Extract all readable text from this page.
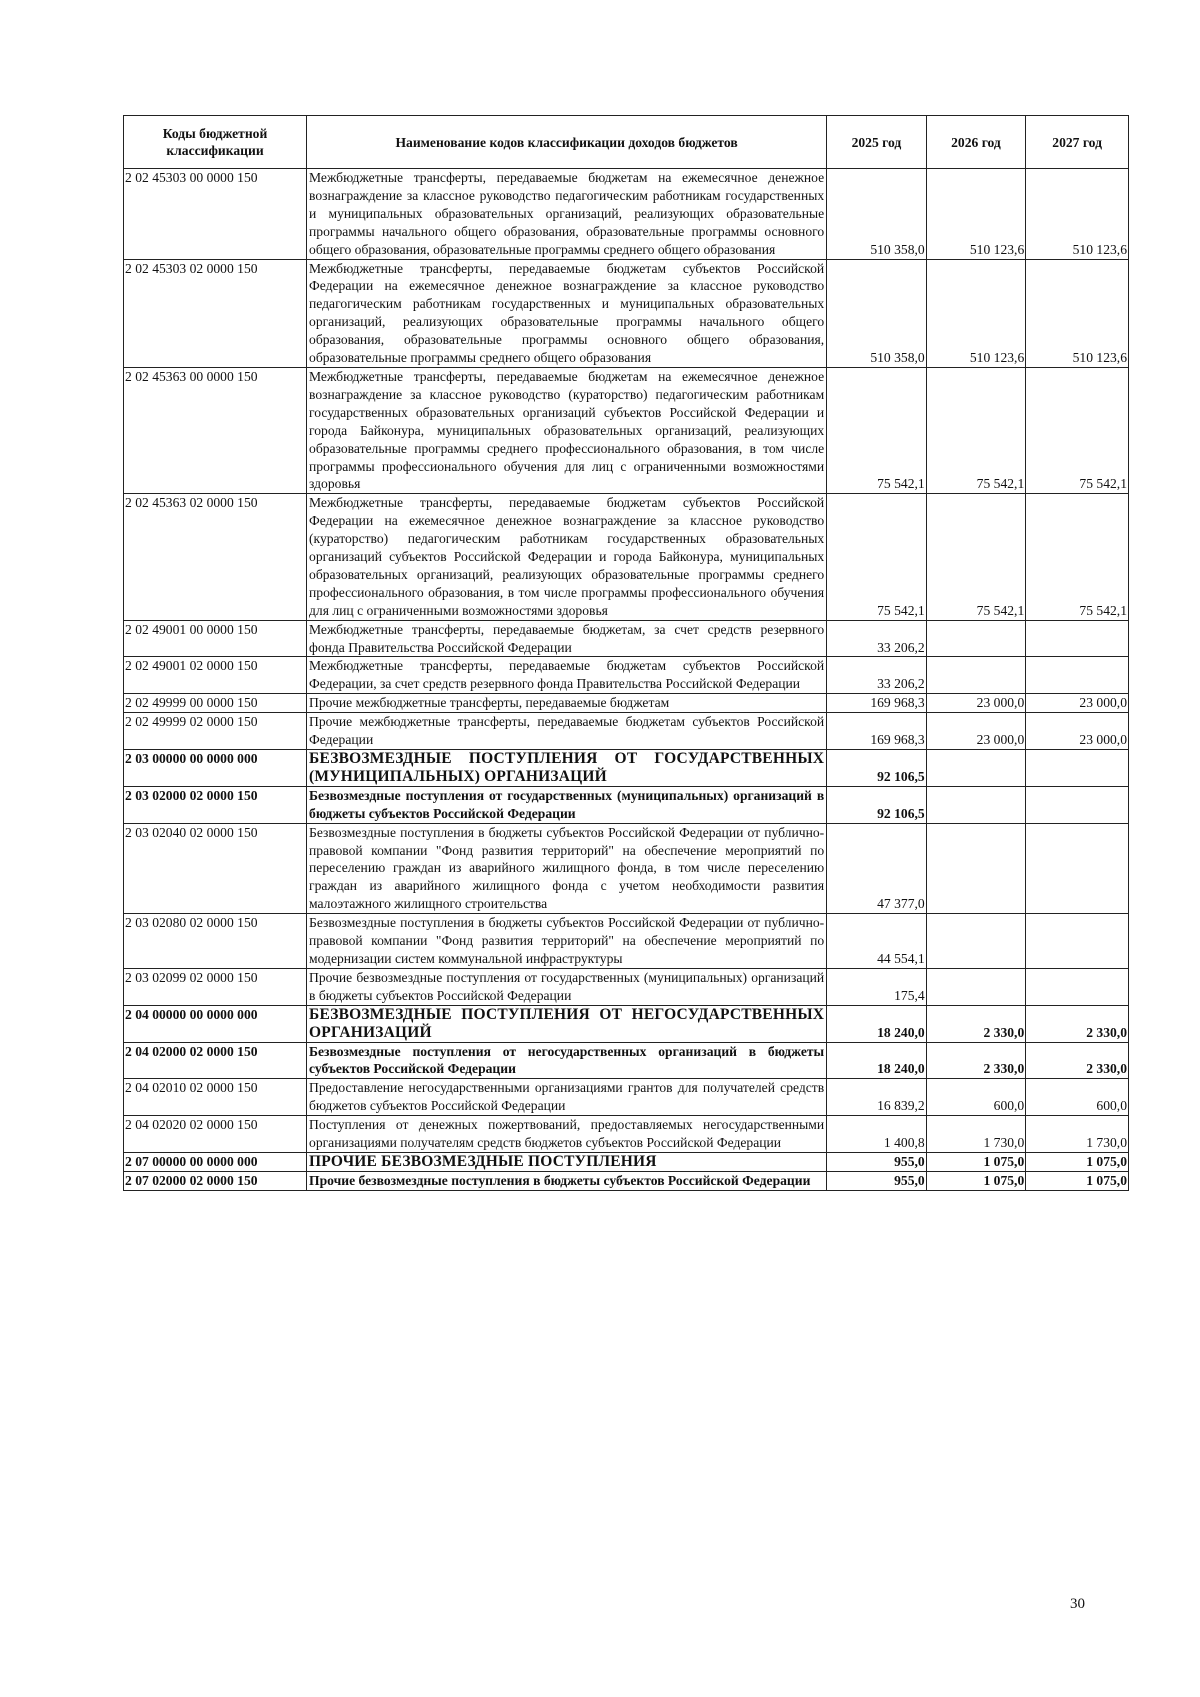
Коды бюджетной классификации	Наименование кодов классификации доходов бюджетов	2025 год	2026 год	2027 год
2 02 45303 00 0000 150	Межбюджетные трансферты, передаваемые бюджетам на ежемесячное денежное вознаграждение за классное руководство педагогическим работникам государственных и муниципальных образовательных организаций, реализующих образовательные программы начального общего образования, образовательные программы основного общего образования, образовательные программы среднего общего образования	510 358,0	510 123,6	510 123,6
2 02 45303 02 0000 150	Межбюджетные трансферты, передаваемые бюджетам субъектов Российской Федерации на ежемесячное денежное вознаграждение за классное руководство педагогическим работникам государственных и муниципальных образовательных организаций, реализующих образовательные программы начального общего образования, образовательные программы основного общего образования, образовательные программы среднего общего образования	510 358,0	510 123,6	510 123,6
2 02 45363 00 0000 150	Межбюджетные трансферты, передаваемые бюджетам на ежемесячное денежное вознаграждение за классное руководство (кураторство) педагогическим работникам государственных образовательных организаций субъектов Российской Федерации и города Байконура, муниципальных образовательных организаций, реализующих образовательные программы среднего профессионального образования, в том числе программы профессионального обучения для лиц с ограниченными возможностями здоровья	75 542,1	75 542,1	75 542,1
2 02 45363 02 0000 150	Межбюджетные трансферты, передаваемые бюджетам субъектов Российской Федерации на ежемесячное денежное вознаграждение за классное руководство (кураторство) педагогическим работникам государственных образовательных организаций субъектов Российской Федерации и города Байконура, муниципальных образовательных организаций, реализующих образовательные программы среднего профессионального образования, в том числе программы профессионального обучения для лиц с ограниченными возможностями здоровья	75 542,1	75 542,1	75 542,1
2 02 49001 00 0000 150	Межбюджетные трансферты, передаваемые бюджетам, за счет средств резервного фонда Правительства Российской Федерации	33 206,2		
2 02 49001 02 0000 150	Межбюджетные трансферты, передаваемые бюджетам субъектов Российской Федерации, за счет средств резервного фонда Правительства Российской Федерации	33 206,2		
2 02 49999 00 0000 150	Прочие межбюджетные трансферты, передаваемые бюджетам	169 968,3	23 000,0	23 000,0
2 02 49999 02 0000 150	Прочие межбюджетные трансферты, передаваемые бюджетам субъектов Российской Федерации	169 968,3	23 000,0	23 000,0
2 03 00000 00 0000 000	БЕЗВОЗМЕЗДНЫЕ ПОСТУПЛЕНИЯ ОТ ГОСУДАРСТВЕННЫХ (МУНИЦИПАЛЬНЫХ) ОРГАНИЗАЦИЙ	92 106,5		
2 03 02000 02 0000 150	Безвозмездные поступления от государственных (муниципальных) организаций в бюджеты субъектов Российской Федерации	92 106,5		
2 03 02040 02 0000 150	Безвозмездные поступления в бюджеты субъектов Российской Федерации от публично-правовой компании "Фонд развития территорий" на обеспечение мероприятий по переселению граждан из аварийного жилищного фонда, в том числе переселению граждан из аварийного жилищного фонда с учетом необходимости развития малоэтажного жилищного строительства	47 377,0		
2 03 02080 02 0000 150	Безвозмездные поступления в бюджеты субъектов Российской Федерации от публично-правовой компании "Фонд развития территорий" на обеспечение мероприятий по модернизации систем коммунальной инфраструктуры	44 554,1		
2 03 02099 02 0000 150	Прочие безвозмездные поступления от государственных (муниципальных) организаций в бюджеты субъектов Российской Федерации	175,4		
2 04 00000 00 0000 000	БЕЗВОЗМЕЗДНЫЕ ПОСТУПЛЕНИЯ ОТ НЕГОСУДАРСТВЕННЫХ ОРГАНИЗАЦИЙ	18 240,0	2 330,0	2 330,0
2 04 02000 02 0000 150	Безвозмездные поступления от негосударственных организаций в бюджеты субъектов Российской Федерации	18 240,0	2 330,0	2 330,0
2 04 02010 02 0000 150	Предоставление негосударственными организациями грантов для получателей средств бюджетов субъектов Российской Федерации	16 839,2	600,0	600,0
2 04 02020 02 0000 150	Поступления от денежных пожертвований, предоставляемых негосударственными организациями получателям средств бюджетов субъектов Российской Федерации	1 400,8	1 730,0	1 730,0
2 07 00000 00 0000 000	ПРОЧИЕ БЕЗВОЗМЕЗДНЫЕ ПОСТУПЛЕНИЯ	955,0	1 075,0	1 075,0
2 07 02000 02 0000 150	Прочие безвозмездные поступления в бюджеты субъектов Российской Федерации	955,0	1 075,0	1 075,0
30
